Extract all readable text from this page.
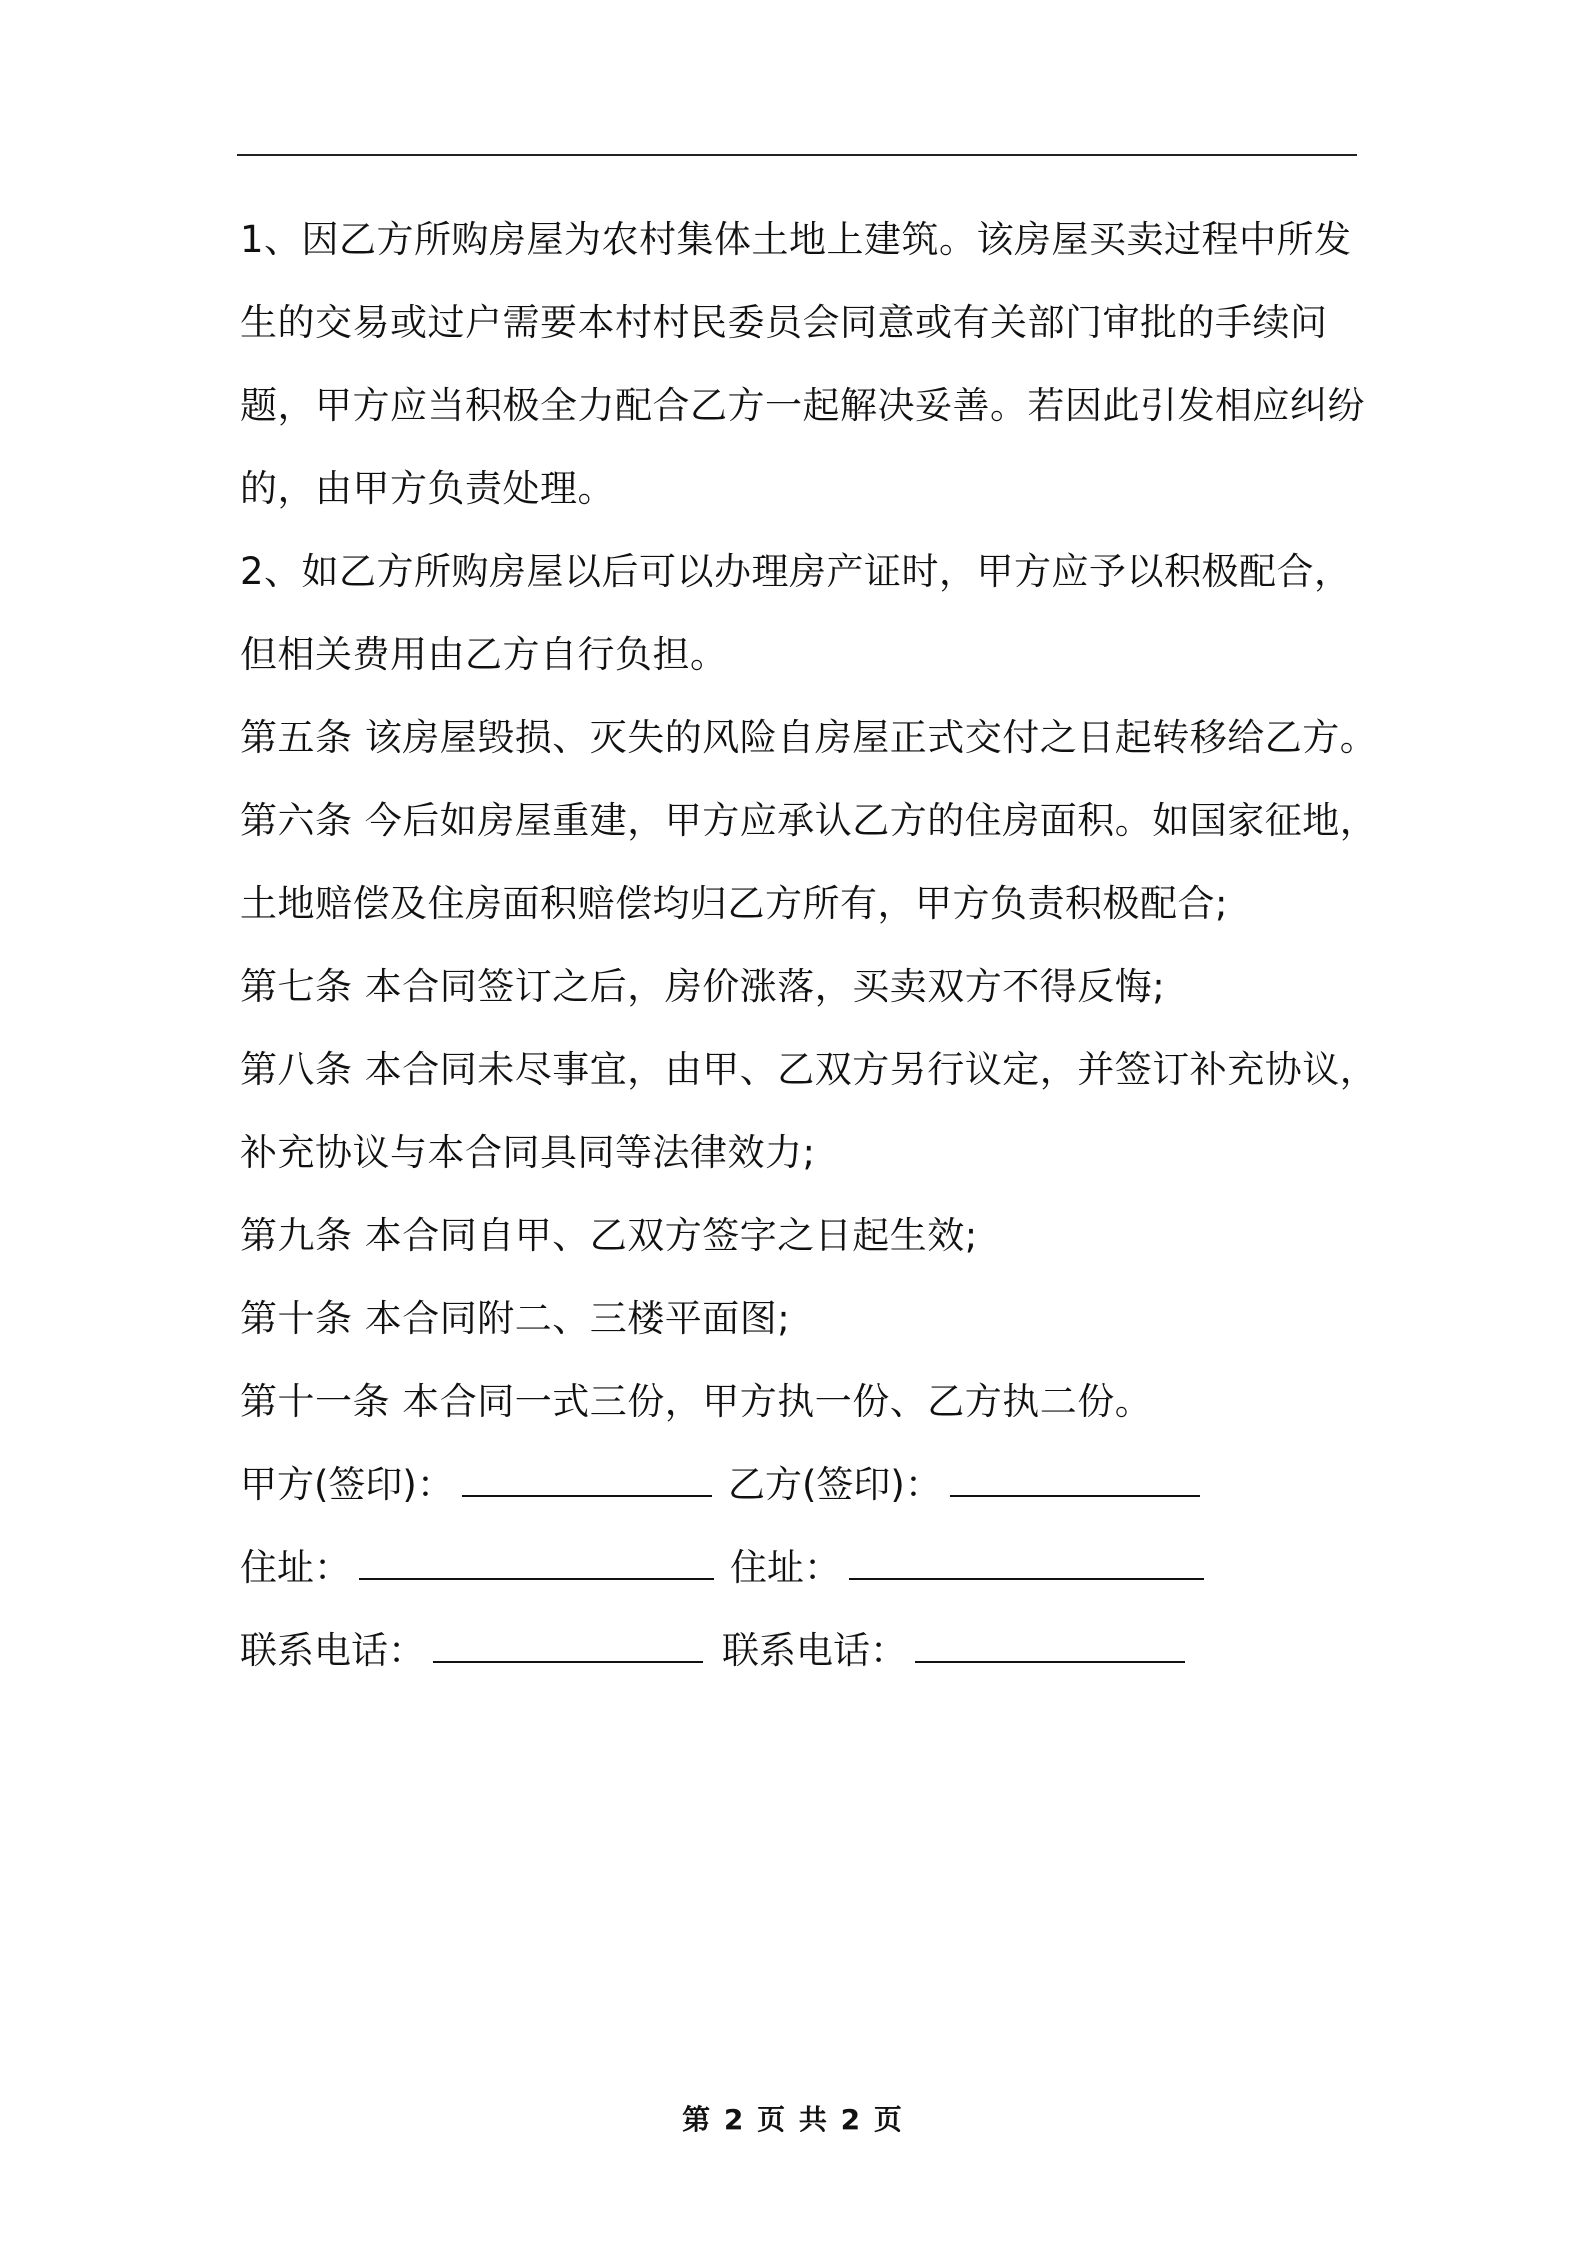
1、因乙方所购房屋为农村集体土地上建筑。该房屋买卖过程中所发
生的交易或过户需要本村村民委员会同意或有关部门审批的手续问
题，甲方应当积极全力配合乙方一起解决妥善。若因此引发相应纠纷
的，由甲方负责处理。
2、如乙方所购房屋以后可以办理房产证时，甲方应予以积极配合，
但相关费用由乙方自行负担。
第五条 该房屋毁损、灭失的风险自房屋正式交付之日起转移给乙方。
第六条 今后如房屋重建，甲方应承认乙方的住房面积。如国家征地，
土地赔偿及住房面积赔偿均归乙方所有，甲方负责积极配合;
第七条 本合同签订之后，房价涨落，买卖双方不得反悔;
第八条 本合同未尽事宜，由甲、乙双方另行议定，并签订补充协议，
补充协议与本合同具同等法律效力;
第九条 本合同自甲、乙双方签字之日起生效;
第十条 本合同附二、三楼平面图;
第十一条 本合同一式三份，甲方执一份、乙方执二份。
甲方(签印)：	乙方(签印)：
住址：	住址：
联系电话：	联系电话：
第 2 页 共 2 页
